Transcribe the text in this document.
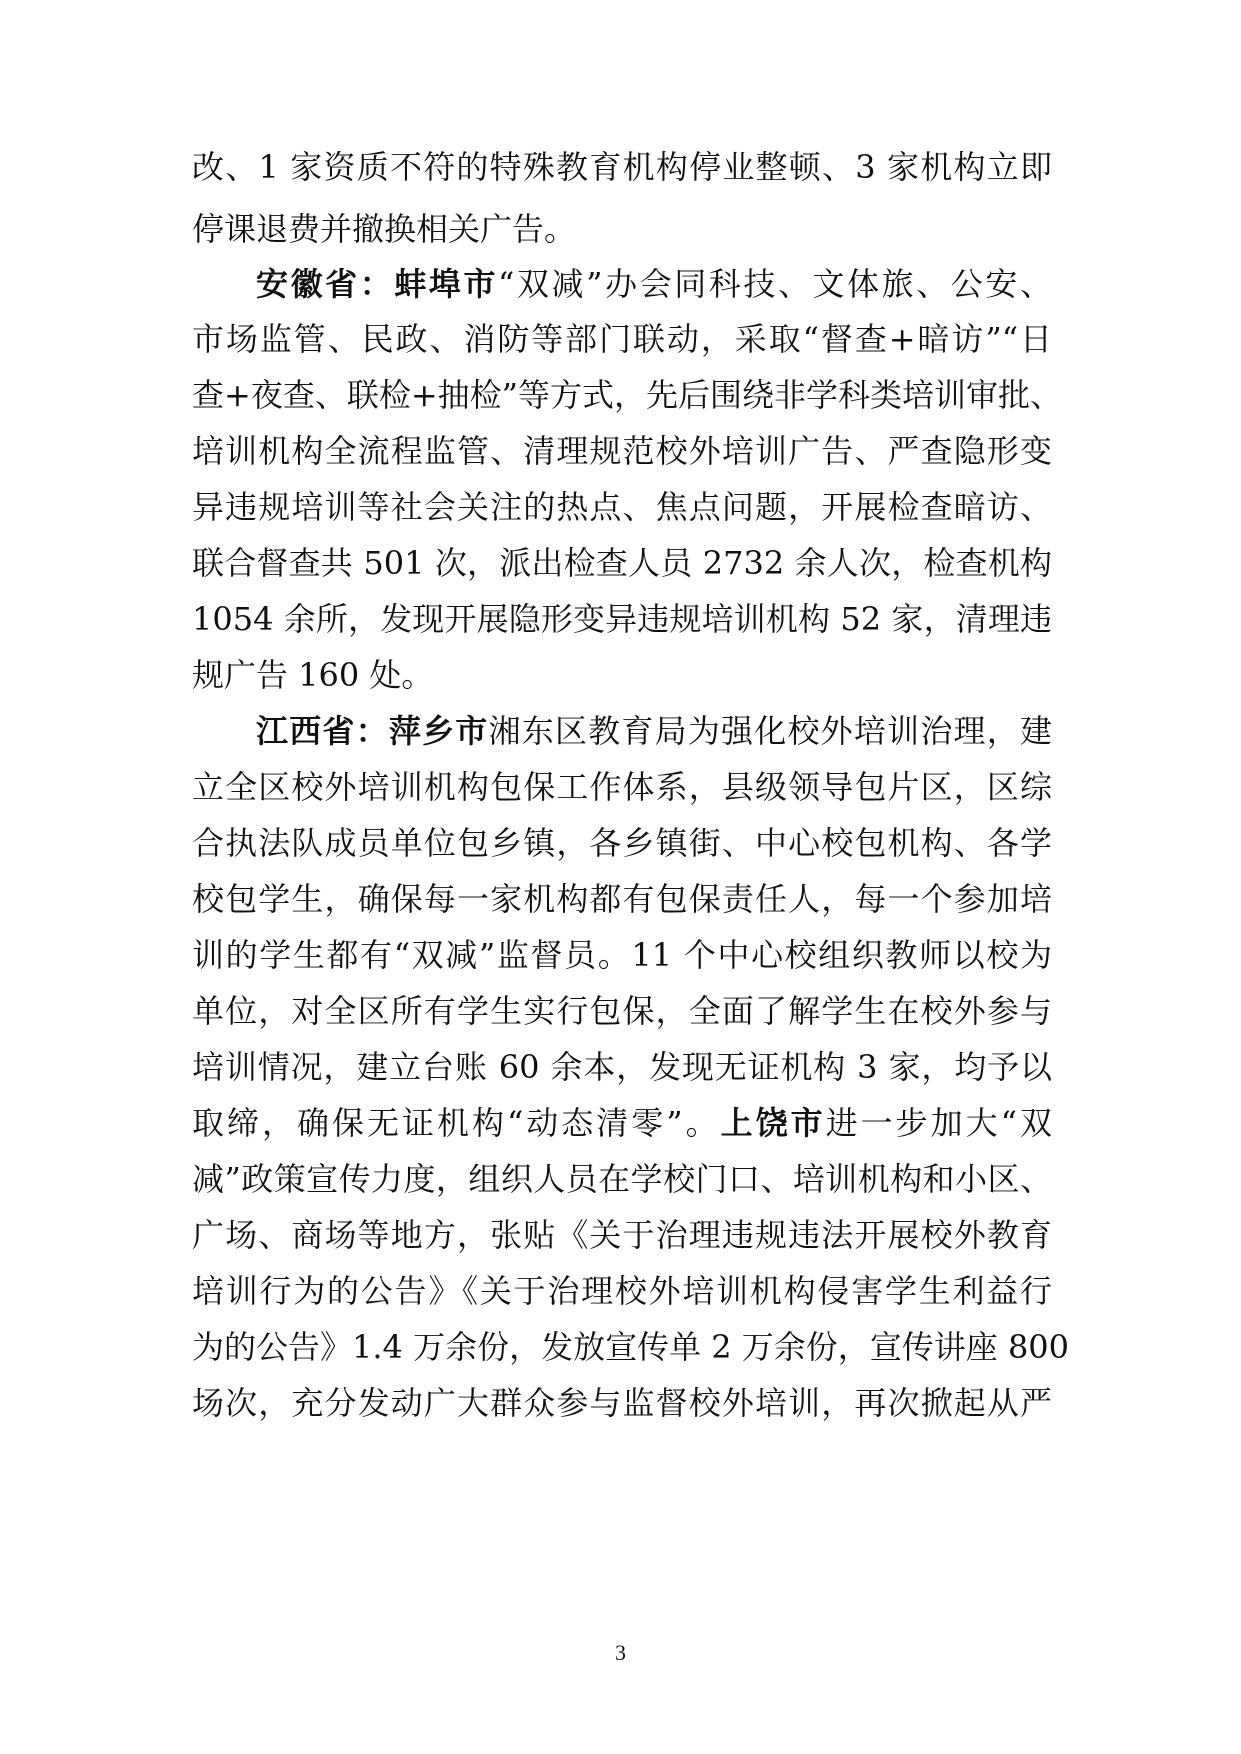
改、1 家资质不符的特殊教育机构停业整顿、3 家机构立即
停课退费并撤换相关广告。
安徽省：蚌埠市“双减”办会同科技、文体旅、公安、
市场监管、民政、消防等部门联动，采取“督查+暗访”“日
查+夜查、联检+抽检”等方式，先后围绕非学科类培训审批、
培训机构全流程监管、清理规范校外培训广告、严查隐形变
异违规培训等社会关注的热点、焦点问题，开展检查暗访、
联合督查共 501 次，派出检查人员 2732 余人次，检查机构
1054 余所，发现开展隐形变异违规培训机构 52 家，清理违
规广告 160 处。
江西省：萍乡市湘东区教育局为强化校外培训治理，建
立全区校外培训机构包保工作体系，县级领导包片区，区综
合执法队成员单位包乡镇，各乡镇街、中心校包机构、各学
校包学生，确保每一家机构都有包保责任人，每一个参加培
训的学生都有“双减”监督员。11 个中心校组织教师以校为
单位，对全区所有学生实行包保，全面了解学生在校外参与
培训情况，建立台账 60 余本，发现无证机构 3 家，均予以
取缔，确保无证机构“动态清零”。上饶市进一步加大“双
减”政策宣传力度，组织人员在学校门口、培训机构和小区、
广场、商场等地方，张贴《关于治理违规违法开展校外教育
培训行为的公告》《关于治理校外培训机构侵害学生利益行
为的公告》1.4 万余份，发放宣传单 2 万余份，宣传讲座 800
场次，充分发动广大群众参与监督校外培训，再次掀起从严
3
